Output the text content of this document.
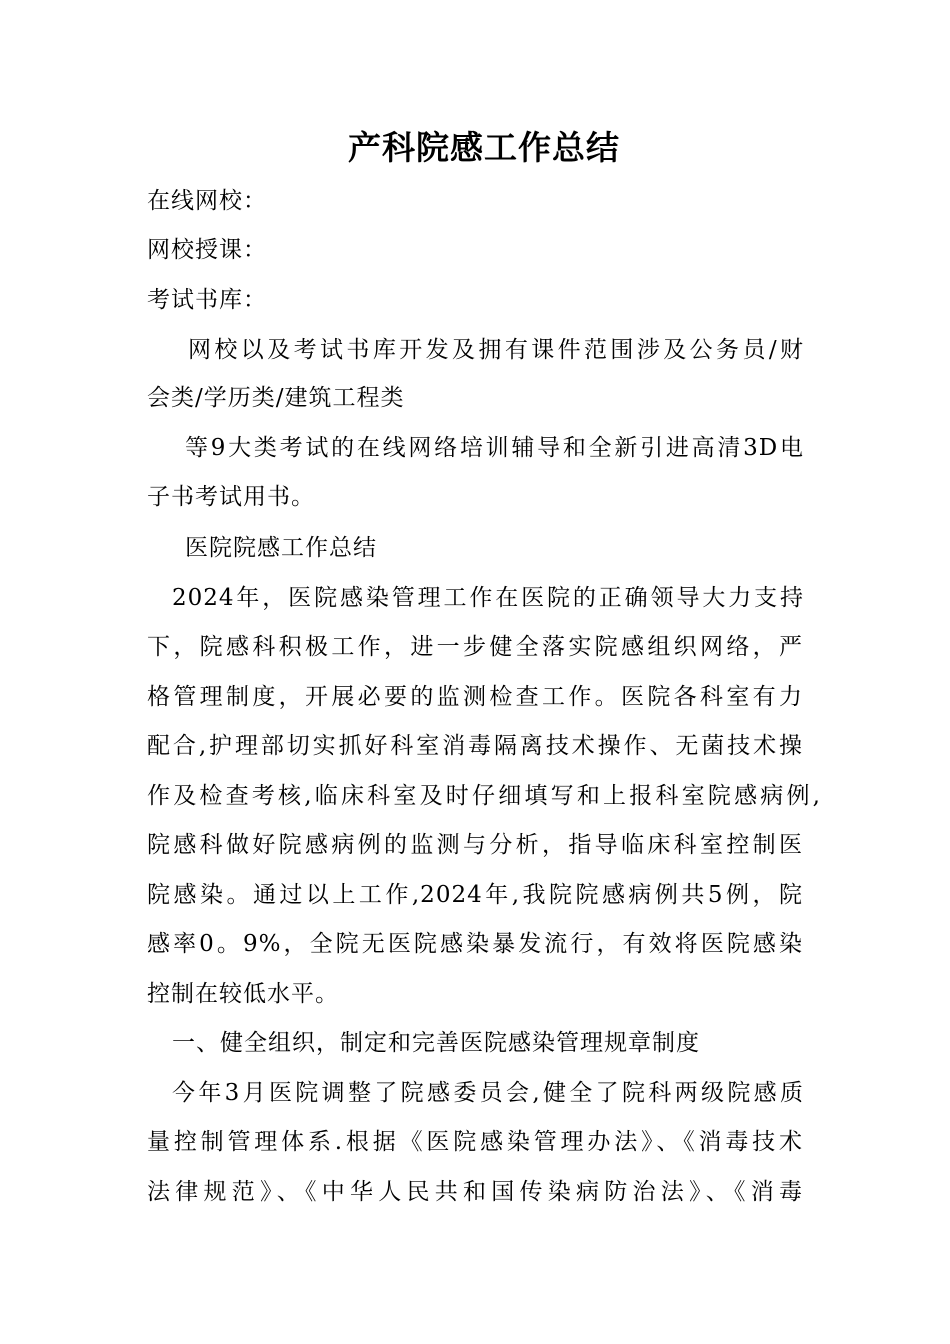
产科院感工作总结
在线网校：
网校授课：
考试书库：
网校以及考试书库开发及拥有课件范围涉及公务员/财
会类/学历类/建筑工程类
等9大类考试的在线网络培训辅导和全新引进高清3D电
子书考试用书。
医院院感工作总结
2024年，医院感染管理工作在医院的正确领导大力支持
下，院感科积极工作，进一步健全落实院感组织网络，严
格管理制度，开展必要的监测检查工作。医院各科室有力
配合,护理部切实抓好科室消毒隔离技术操作、无菌技术操
作及检查考核,临床科室及时仔细填写和上报科室院感病例,
院感科做好院感病例的监测与分析，指导临床科室控制医
院感染。通过以上工作,2024年,我院院感病例共5例，院
感率0。9%，全院无医院感染暴发流行，有效将医院感染
控制在较低水平。
一、健全组织，制定和完善医院感染管理规章制度
今年3月医院调整了院感委员会,健全了院科两级院感质
量控制管理体系.根据《医院感染管理办法》、《消毒技术
法律规范》、《中华人民共和国传染病防治法》、《消毒
